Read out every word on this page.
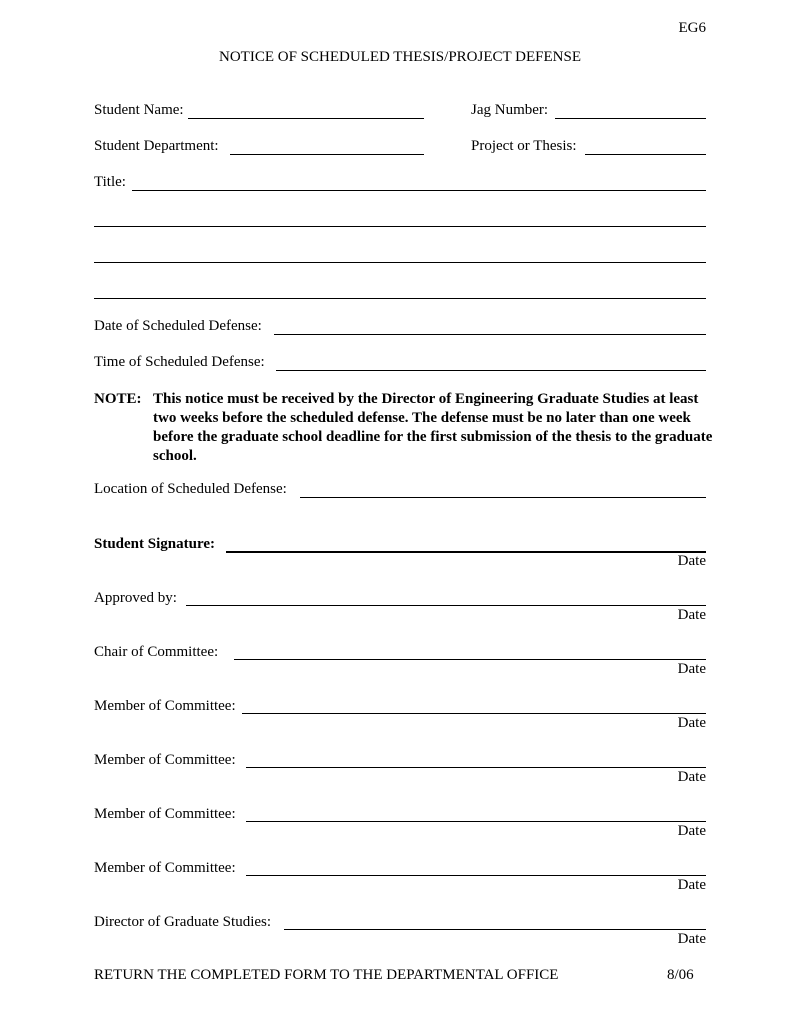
EG6
NOTICE OF SCHEDULED THESIS/PROJECT DEFENSE
Student Name:	Jag Number:
Student Department:	Project or Thesis:
Title:
Date of Scheduled Defense:
Time of Scheduled Defense:
NOTE: This notice must be received by the Director of Engineering Graduate Studies at least two weeks before the scheduled defense. The defense must be no later than one week before the graduate school deadline for the first submission of the thesis to the graduate school.
Location of Scheduled Defense:
Student Signature:
Date
Approved by:
Date
Chair of Committee:
Date
Member of Committee:
Date
Member of Committee:
Date
Member of Committee:
Date
Member of Committee:
Date
Director of Graduate Studies:
Date
RETURN THE COMPLETED FORM TO THE DEPARTMENTAL OFFICE	8/06
